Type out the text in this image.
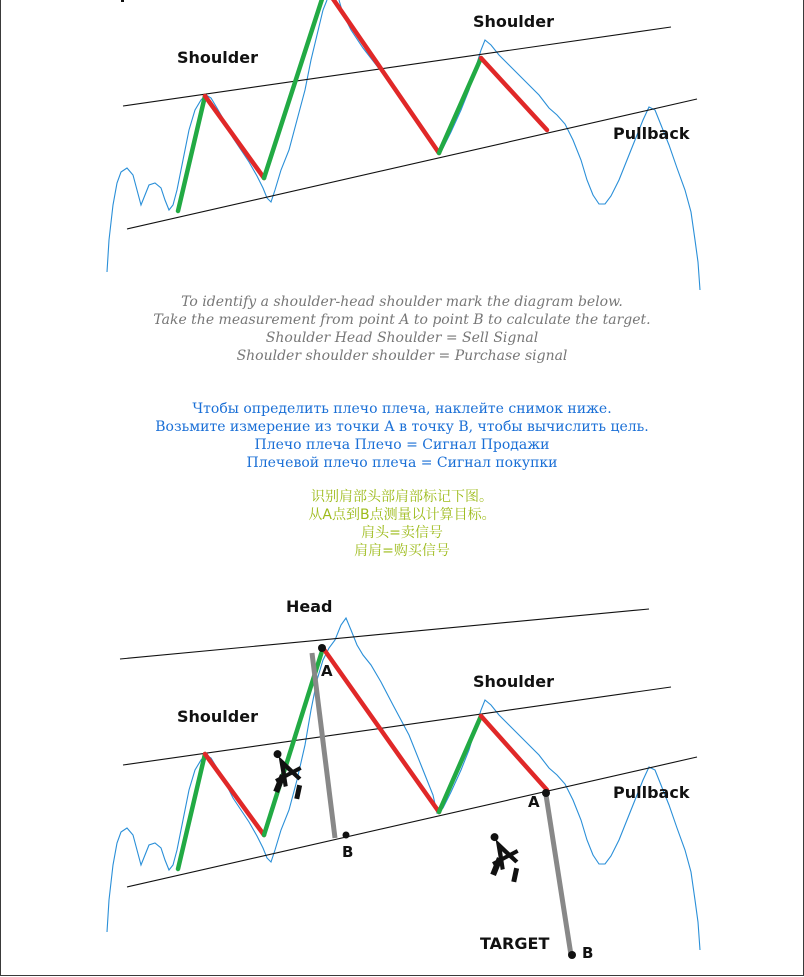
Shoulder
Shoulder
Pullback
To identify a shoulder-head shoulder mark the diagram below.
Take the measurement from point A to point B to calculate the target.
Shoulder Head Shoulder = Sell Signal
Shoulder shoulder shoulder = Purchase signal
Чтобы определить плечо плеча, наклейте снимок ниже.
Возьмите измерение из точки А в точку В, чтобы вычислить цель.
Плечо плеча Плечо = Сигнал Продажи
Плечевой плечо плеча = Сигнал покупки
识别肩部头部肩部标记下图。
从A点到B点测量以计算目标。
肩头=卖信号
肩肩=购买信号
Head
Shoulder
Shoulder
Pullback
TARGET
A
B
A
B
